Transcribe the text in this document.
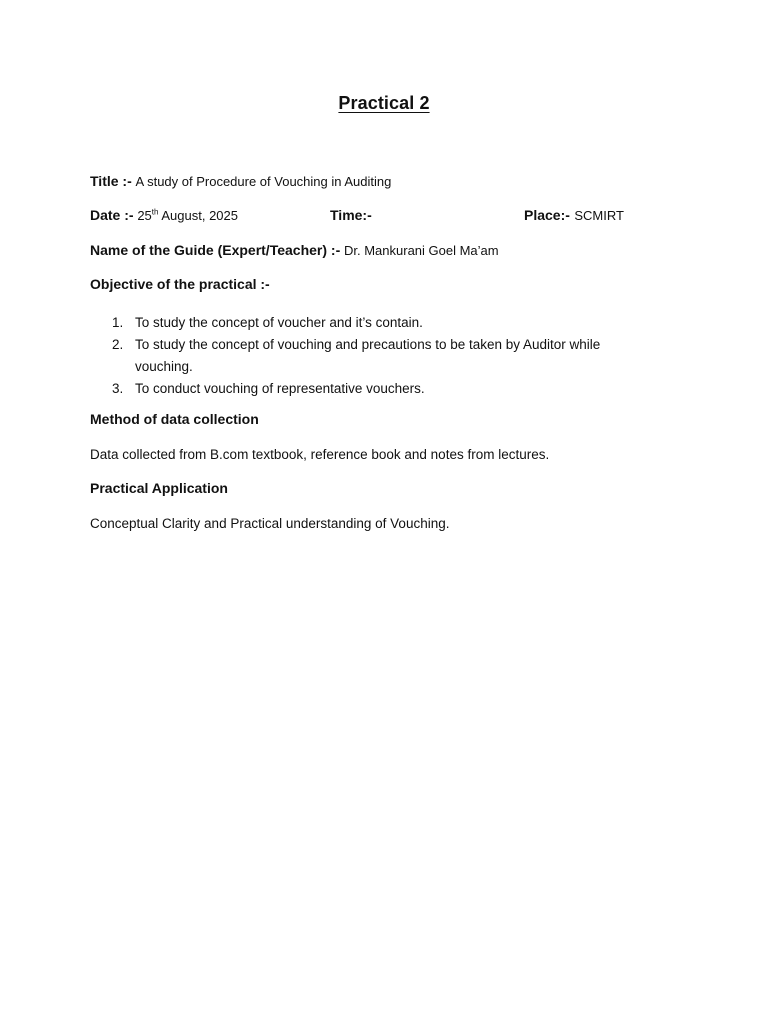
Practical 2
Title :- A study of Procedure of Vouching in Auditing
Date :- 25th August, 2025	Time:-	Place:- SCMIRT
Name of the Guide (Expert/Teacher) :- Dr. Mankurani Goel Ma’am
Objective of the practical :-
1. To study the concept of voucher and it’s contain.
2. To study the concept of vouching and precautions to be taken by Auditor while vouching.
3. To conduct vouching of representative vouchers.
Method of data collection
Data collected from B.com textbook, reference book and notes from lectures.
Practical Application
Conceptual Clarity and Practical understanding of Vouching.
